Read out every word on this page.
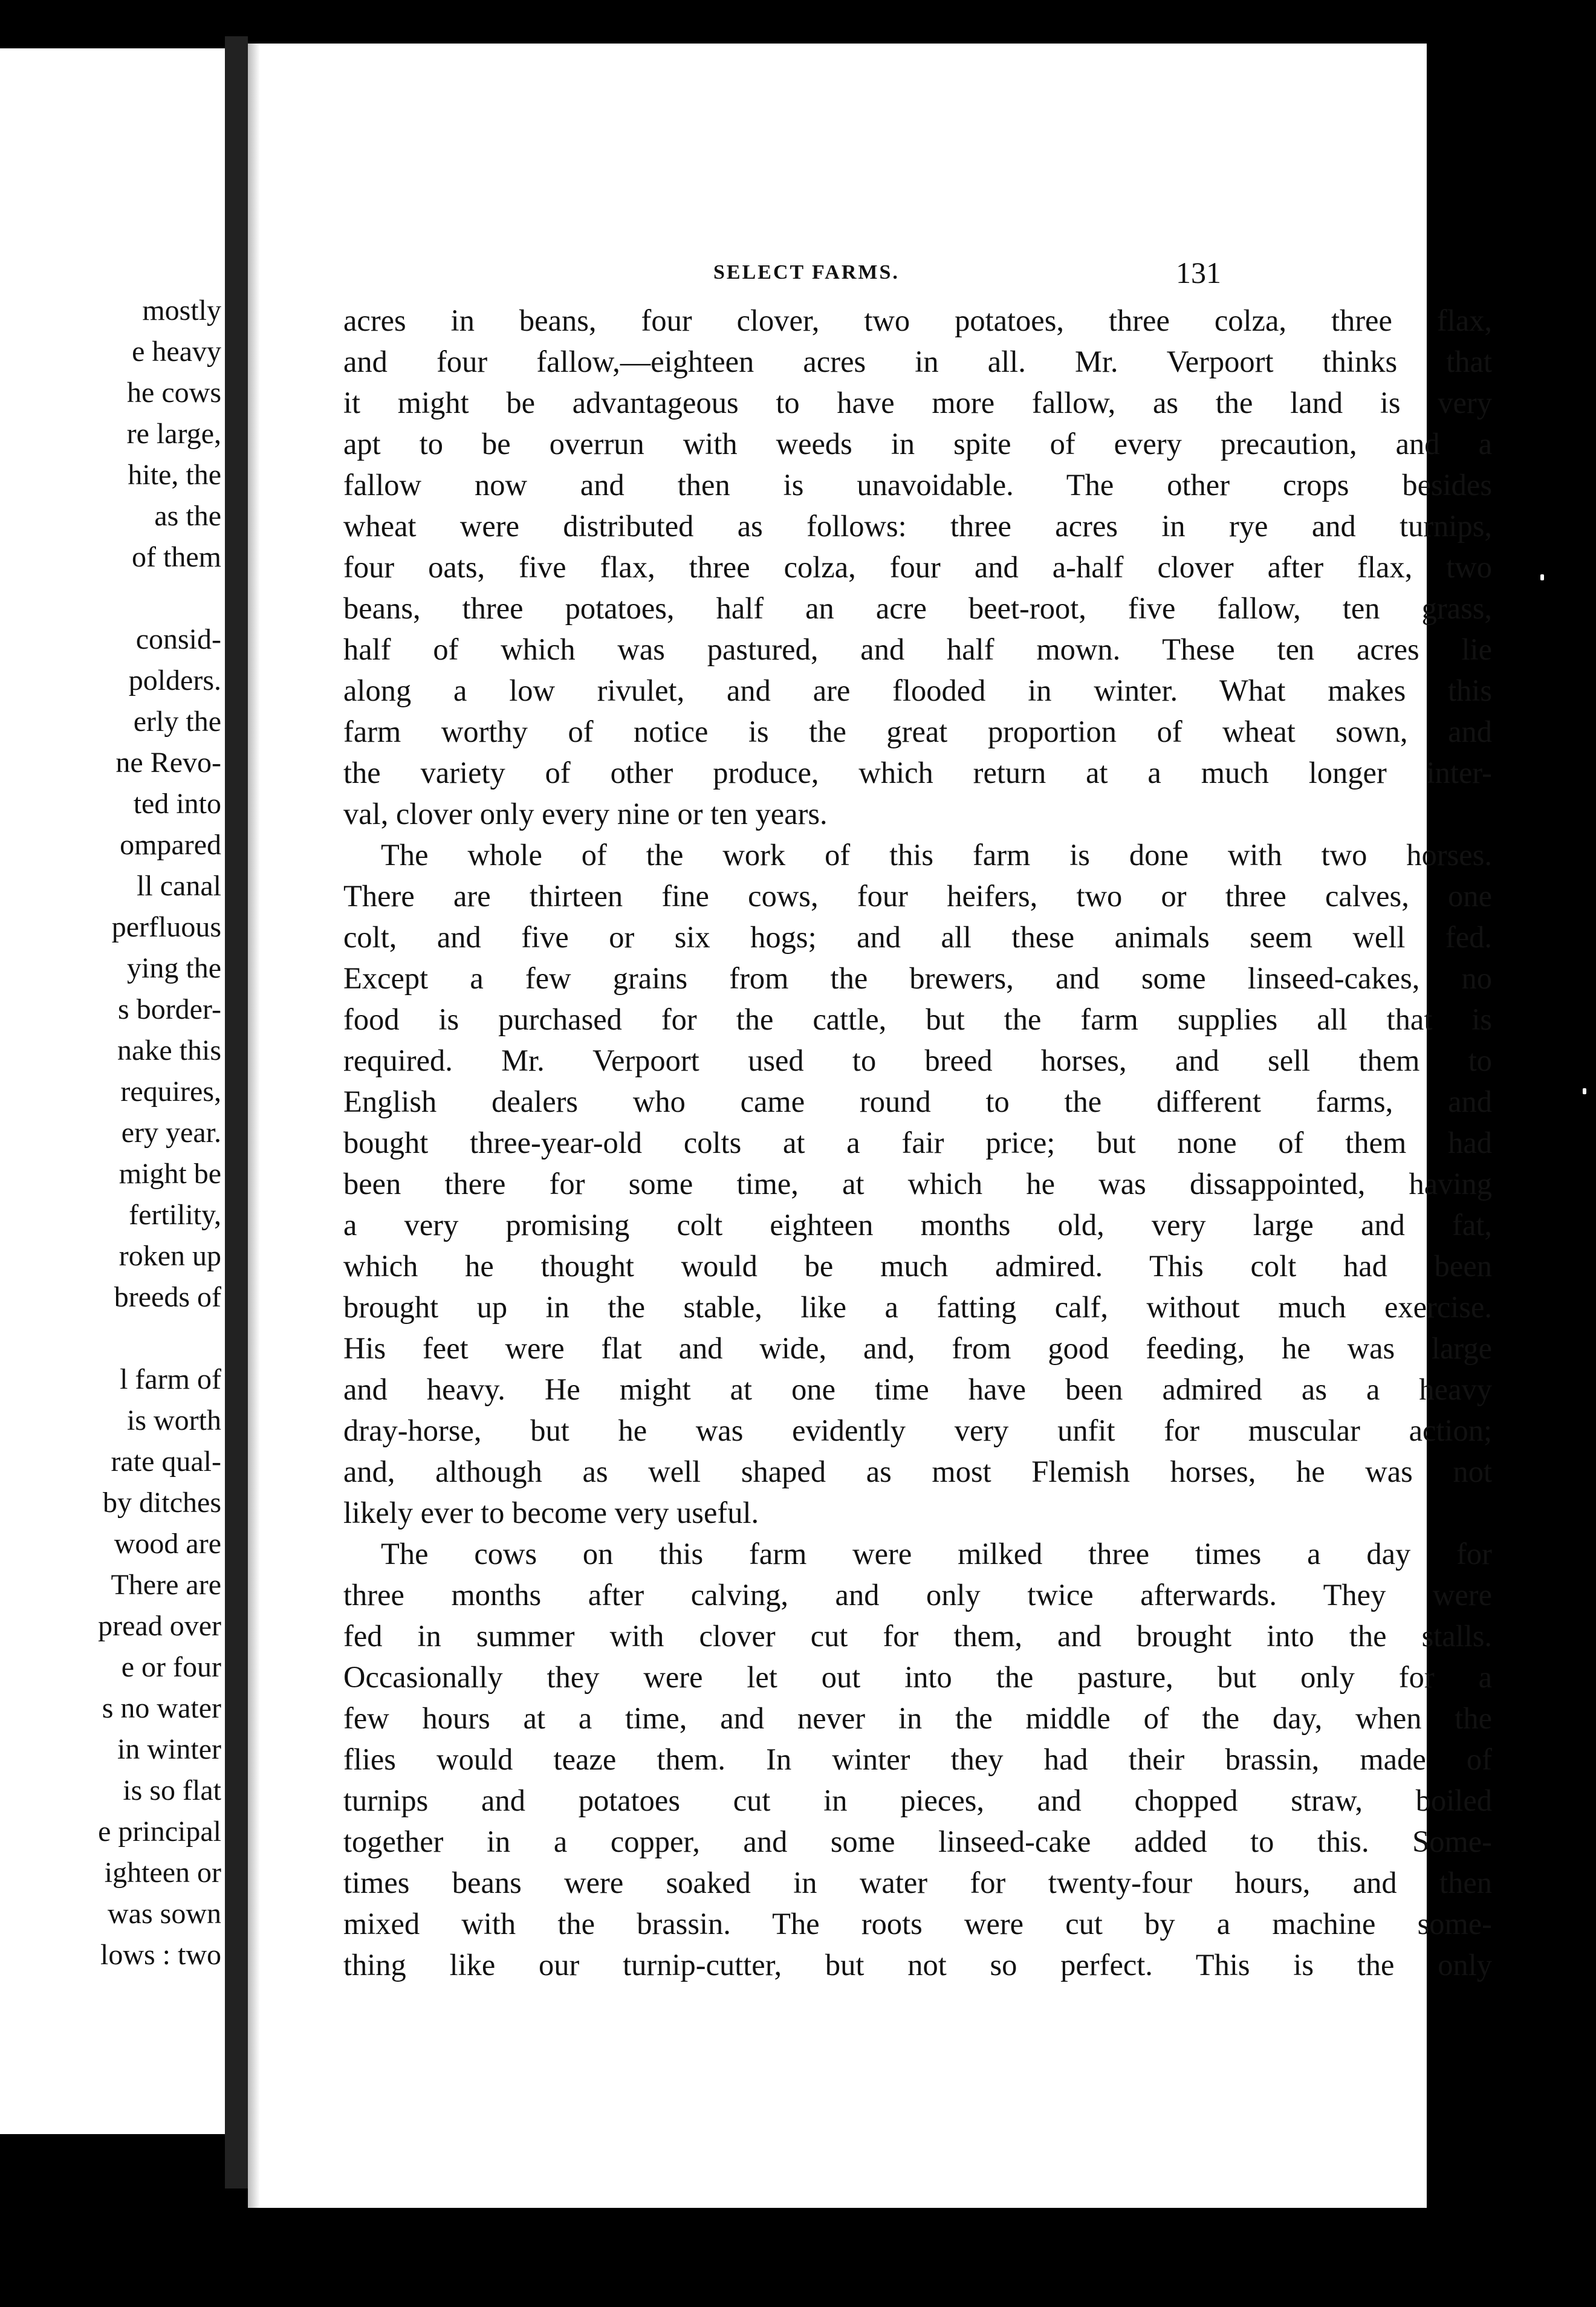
mostly
e heavy
he cows
re large,
hite, the
as the
of them
consid-
polders.
erly the
ne Revo-
ted into
ompared
ll canal
perfluous
ying the
s border-
nake this
requires,
ery year.
might be
fertility,
roken up
breeds of
l farm of
is worth
rate qual-
by ditches
wood are
There are
pread over
e or four
s no water
in winter
is so flat
e principal
ighteen or
was sown
lows : two
SELECT FARMS.	131
acres in beans, four clover, two potatoes, three colza, three flax,
and four fallow,—eighteen acres in all. Mr. Verpoort thinks that
it might be advantageous to have more fallow, as the land is very
apt to be overrun with weeds in spite of every precaution, and a
fallow now and then is unavoidable. The other crops besides
wheat were distributed as follows: three acres in rye and turnips,
four oats, five flax, three colza, four and a-half clover after flax, two
beans, three potatoes, half an acre beet-root, five fallow, ten grass,
half of which was pastured, and half mown. These ten acres lie
along a low rivulet, and are flooded in winter. What makes this
farm worthy of notice is the great proportion of wheat sown, and
the variety of other produce, which return at a much longer inter-
val, clover only every nine or ten years.
The whole of the work of this farm is done with two horses.
There are thirteen fine cows, four heifers, two or three calves, one
colt, and five or six hogs; and all these animals seem well fed.
Except a few grains from the brewers, and some linseed-cakes, no
food is purchased for the cattle, but the farm supplies all that is
required. Mr. Verpoort used to breed horses, and sell them to
English dealers who came round to the different farms, and
bought three-year-old colts at a fair price; but none of them had
been there for some time, at which he was dissappointed, having
a very promising colt eighteen months old, very large and fat,
which he thought would be much admired. This colt had been
brought up in the stable, like a fatting calf, without much exercise.
His feet were flat and wide, and, from good feeding, he was large
and heavy. He might at one time have been admired as a heavy
dray-horse, but he was evidently very unfit for muscular action;
and, although as well shaped as most Flemish horses, he was not
likely ever to become very useful.
The cows on this farm were milked three times a day for
three months after calving, and only twice afterwards. They were
fed in summer with clover cut for them, and brought into the stalls.
Occasionally they were let out into the pasture, but only for a
few hours at a time, and never in the middle of the day, when the
flies would teaze them. In winter they had their brassin, made of
turnips and potatoes cut in pieces, and chopped straw, boiled
together in a copper, and some linseed-cake added to this. Some-
times beans were soaked in water for twenty-four hours, and then
mixed with the brassin. The roots were cut by a machine some-
thing like our turnip-cutter, but not so perfect. This is the only
